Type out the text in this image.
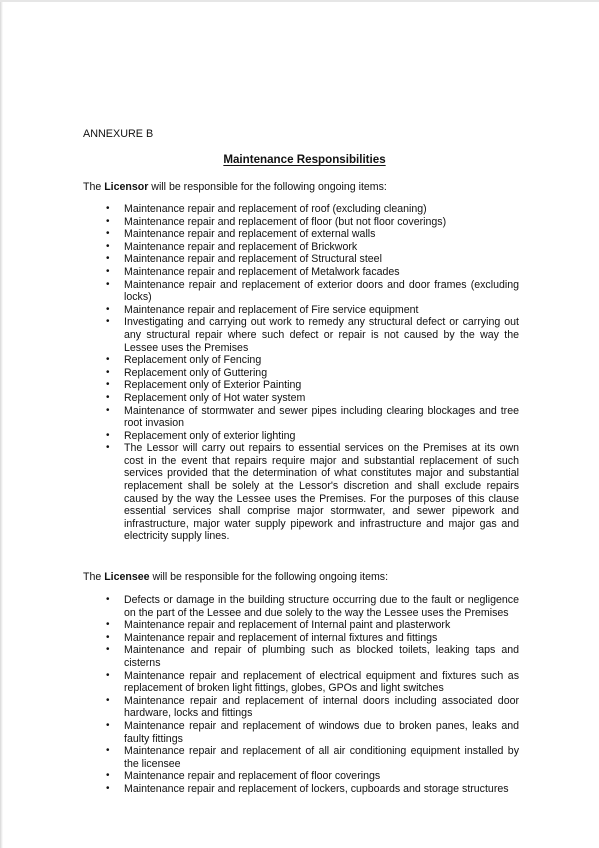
ANNEXURE B
Maintenance Responsibilities
The Licensor will be responsible for the following ongoing items:
• Maintenance repair and replacement of roof (excluding cleaning)
• Maintenance repair and replacement of floor (but not floor coverings)
• Maintenance repair and replacement of external walls
• Maintenance repair and replacement of Brickwork
• Maintenance repair and replacement of Structural steel
• Maintenance repair and replacement of Metalwork facades
• Maintenance repair and replacement of exterior doors and door frames (excluding locks)
• Maintenance repair and replacement of Fire service equipment
• Investigating and carrying out work to remedy any structural defect or carrying out any structural repair where such defect or repair is not caused by the way the Lessee uses the Premises
• Replacement only of Fencing
• Replacement only of Guttering
• Replacement only of Exterior Painting
• Replacement only of Hot water system
• Maintenance of stormwater and sewer pipes including clearing blockages and tree root invasion
• Replacement only of exterior lighting
• The Lessor will carry out repairs to essential services on the Premises at its own cost in the event that repairs require major and substantial replacement of such services provided that the determination of what constitutes major and substantial replacement shall be solely at the Lessor's discretion and shall exclude repairs caused by the way the Lessee uses the Premises. For the purposes of this clause essential services shall comprise major stormwater, and sewer pipework and infrastructure, major water supply pipework and infrastructure and major gas and electricity supply lines.
The Licensee will be responsible for the following ongoing items:
• Defects or damage in the building structure occurring due to the fault or negligence on the part of the Lessee and due solely to the way the Lessee uses the Premises
• Maintenance repair and replacement of Internal paint and plasterwork
• Maintenance repair and replacement of internal fixtures and fittings
• Maintenance and repair of plumbing such as blocked toilets, leaking taps and cisterns
• Maintenance repair and replacement of electrical equipment and fixtures such as replacement of broken light fittings, globes, GPOs and light switches
• Maintenance repair and replacement of internal doors including associated door hardware, locks and fittings
• Maintenance repair and replacement of windows due to broken panes, leaks and faulty fittings
• Maintenance repair and replacement of all air conditioning equipment installed by the licensee
• Maintenance repair and replacement of floor coverings
• Maintenance repair and replacement of lockers, cupboards and storage structures
